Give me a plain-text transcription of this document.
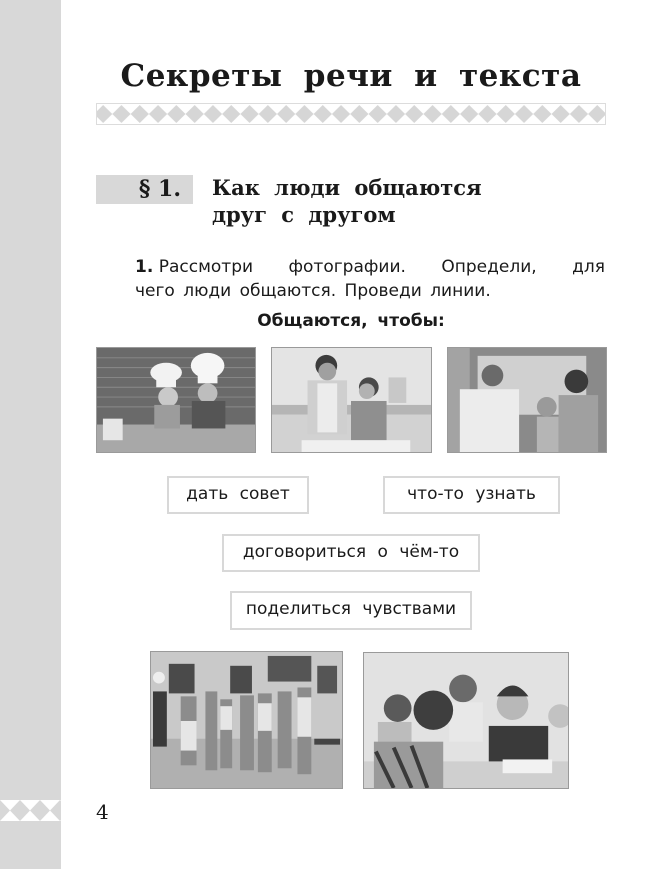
Секреты речи и текста
§ 1.	Как люди общаются
друг с другом
1. Рассмотри фотографии. Определи, для
чего люди общаются. Проведи линии.
Общаются, чтобы:
дать совет	что-то узнать
договориться о чём-то
поделиться чувствами
4
